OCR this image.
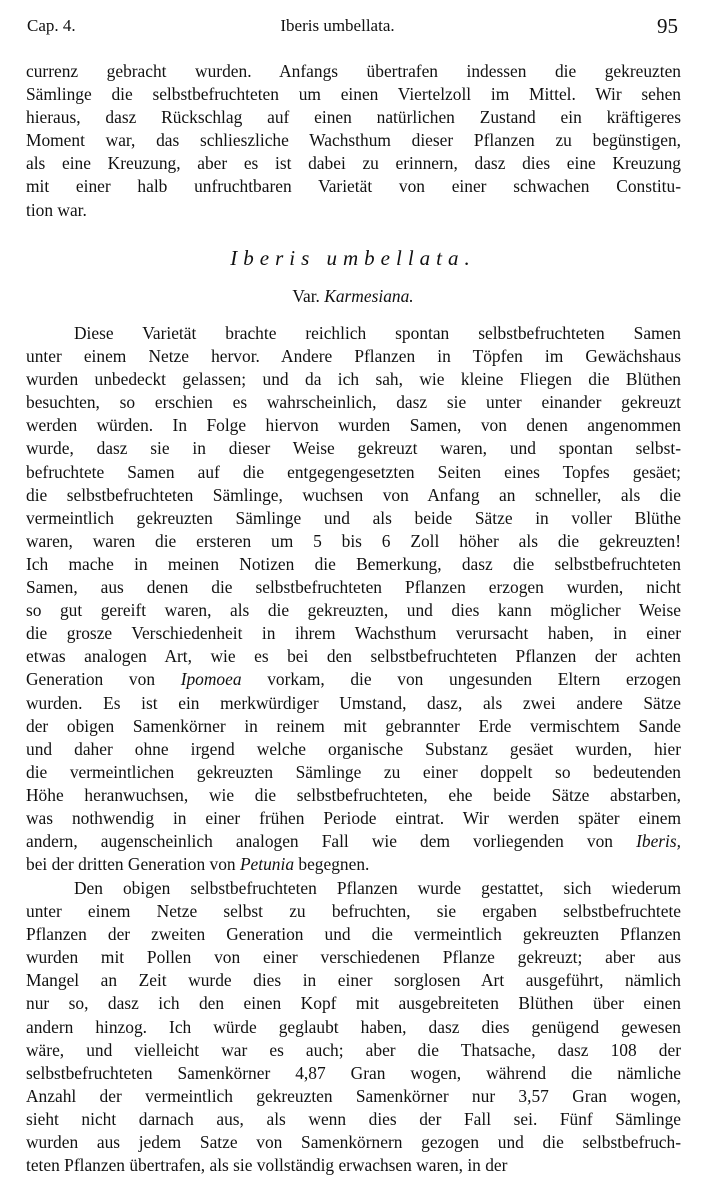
Cap. 4.	Iberis umbellata.	95
currenz gebracht wurden. Anfangs übertrafen indessen die gekreuzten
Sämlinge die selbstbefruchteten um einen Viertelzoll im Mittel. Wir sehen
hieraus, dasz Rückschlag auf einen natürlichen Zustand ein kräftigeres
Moment war, das schlieszliche Wachsthum dieser Pflanzen zu begünstigen,
als eine Kreuzung, aber es ist dabei zu erinnern, dasz dies eine Kreuzung
mit einer halb unfruchtbaren Varietät von einer schwachen Constitu-
tion war.
Iberis umbellata.
Var. Karmesiana.
Diese Varietät brachte reichlich spontan selbstbefruchteten Samen
unter einem Netze hervor. Andere Pflanzen in Töpfen im Gewächshaus
wurden unbedeckt gelassen; und da ich sah, wie kleine Fliegen die Blüthen
besuchten, so erschien es wahrscheinlich, dasz sie unter einander gekreuzt
werden würden. In Folge hiervon wurden Samen, von denen angenommen
wurde, dasz sie in dieser Weise gekreuzt waren, und spontan selbst-
befruchtete Samen auf die entgegengesetzten Seiten eines Topfes gesäet;
die selbstbefruchteten Sämlinge, wuchsen von Anfang an schneller, als die
vermeintlich gekreuzten Sämlinge und als beide Sätze in voller Blüthe
waren, waren die ersteren um 5 bis 6 Zoll höher als die gekreuzten!
Ich mache in meinen Notizen die Bemerkung, dasz die selbstbefruchteten
Samen, aus denen die selbstbefruchteten Pflanzen erzogen wurden, nicht
so gut gereift waren, als die gekreuzten, und dies kann möglicher Weise
die grosze Verschiedenheit in ihrem Wachsthum verursacht haben, in einer
etwas analogen Art, wie es bei den selbstbefruchteten Pflanzen der achten
Generation von Ipomoea vorkam, die von ungesunden Eltern erzogen
wurden. Es ist ein merkwürdiger Umstand, dasz, als zwei andere Sätze
der obigen Samenkörner in reinem mit gebrannter Erde vermischtem Sande
und daher ohne irgend welche organische Substanz gesäet wurden, hier
die vermeintlichen gekreuzten Sämlinge zu einer doppelt so bedeutenden
Höhe heranwuchsen, wie die selbstbefruchteten, ehe beide Sätze abstarben,
was nothwendig in einer frühen Periode eintrat. Wir werden später einem
andern, augenscheinlich analogen Fall wie dem vorliegenden von Iberis,
bei der dritten Generation von Petunia begegnen.
Den obigen selbstbefruchteten Pflanzen wurde gestattet, sich wiederum
unter einem Netze selbst zu befruchten, sie ergaben selbstbefruchtete
Pflanzen der zweiten Generation und die vermeintlich gekreuzten Pflanzen
wurden mit Pollen von einer verschiedenen Pflanze gekreuzt; aber aus
Mangel an Zeit wurde dies in einer sorglosen Art ausgeführt, nämlich
nur so, dasz ich den einen Kopf mit ausgebreiteten Blüthen über einen
andern hinzog. Ich würde geglaubt haben, dasz dies genügend gewesen
wäre, und vielleicht war es auch; aber die Thatsache, dasz 108 der
selbstbefruchteten Samenkörner 4,87 Gran wogen, während die nämliche
Anzahl der vermeintlich gekreuzten Samenkörner nur 3,57 Gran wogen,
sieht nicht darnach aus, als wenn dies der Fall sei. Fünf Sämlinge
wurden aus jedem Satze von Samenkörnern gezogen und die selbstbefruch-
teten Pflanzen übertrafen, als sie vollständig erwachsen waren, in der
